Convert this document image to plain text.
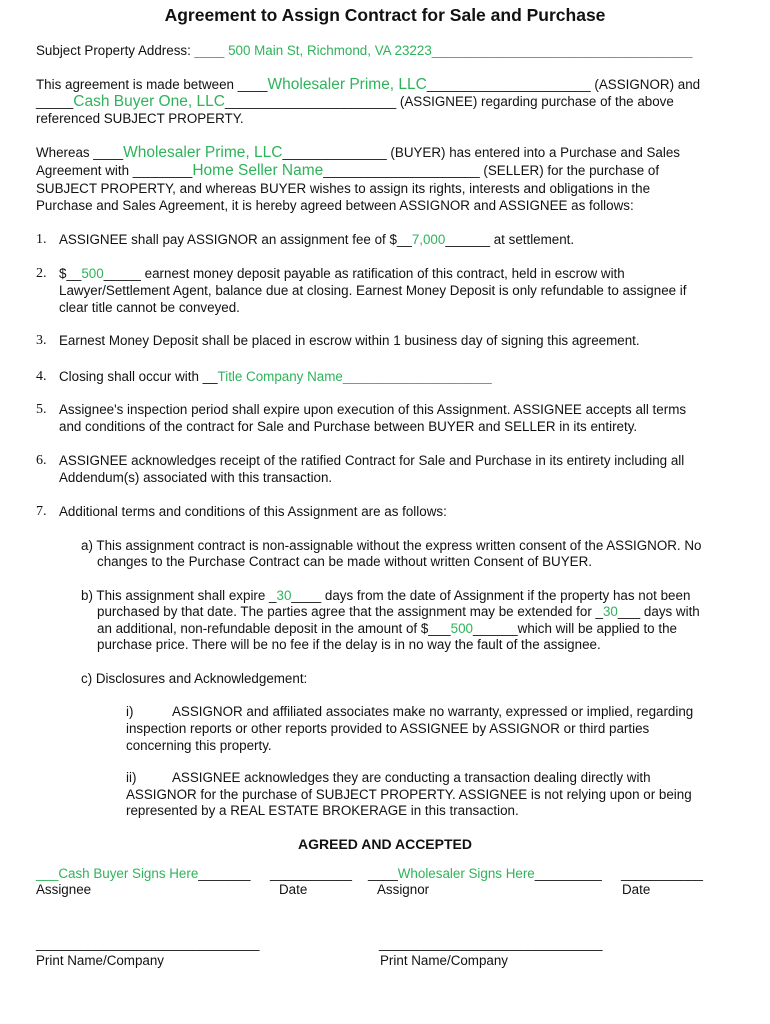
Agreement to Assign Contract for Sale and Purchase
Subject Property Address: ____ 500 Main St, Richmond, VA 23223___________________________________
This agreement is made between ____Wholesaler Prime, LLC______________________ (ASSIGNOR) and
_____Cash Buyer One, LLC_______________________ (ASSIGNEE) regarding purchase of the above
referenced SUBJECT PROPERTY.
Whereas ____Wholesaler Prime, LLC______________ (BUYER) has entered into a Purchase and Sales
Agreement with ________Home Seller Name_____________________ (SELLER) for the purchase of
SUBJECT PROPERTY, and whereas BUYER wishes to assign its rights, interests and obligations in the
Purchase and Sales Agreement, it is hereby agreed between ASSIGNOR and ASSIGNEE as follows:
1. ASSIGNEE shall pay ASSIGNOR an assignment fee of $__7,000______ at settlement.
2. $__500_____ earnest money deposit payable as ratification of this contract, held in escrow with
Lawyer/Settlement Agent, balance due at closing. Earnest Money Deposit is only refundable to assignee if
clear title cannot be conveyed.
3. Earnest Money Deposit shall be placed in escrow within 1 business day of signing this agreement.
4. Closing shall occur with __Title Company Name____________________
5. Assignee's inspection period shall expire upon execution of this Assignment. ASSIGNEE accepts all terms
and conditions of the contract for Sale and Purchase between BUYER and SELLER in its entirety.
6. ASSIGNEE acknowledges receipt of the ratified Contract for Sale and Purchase in its entirety including all
Addendum(s) associated with this transaction.
7. Additional terms and conditions of this Assignment are as follows:
a) This assignment contract is non-assignable without the express written consent of the ASSIGNOR. No
changes to the Purchase Contract can be made without written Consent of BUYER.
b) This assignment shall expire _30____ days from the date of Assignment if the property has not been
purchased by that date. The parties agree that the assignment may be extended for _30___ days with
an additional, non-refundable deposit in the amount of $___500______which will be applied to the
purchase price. There will be no fee if the delay is in no way the fault of the assignee.
c) Disclosures and Acknowledgement:
i)	ASSIGNOR and affiliated associates make no warranty, expressed or implied, regarding
inspection reports or other reports provided to ASSIGNEE by ASSIGNOR or third parties
concerning this property.
ii)	ASSIGNEE acknowledges they are conducting a transaction dealing directly with
ASSIGNOR for the purchase of SUBJECT PROPERTY. ASSIGNEE is not relying upon or being
represented by a REAL ESTATE BROKERAGE in this transaction.
AGREED AND ACCEPTED
___Cash Buyer Signs Here_______ ___________ ____Wholesaler Signs Here_________ ___________
Assignee	Date	Assignor	Date
______________________________	______________________________
Print Name/Company	Print Name/Company
